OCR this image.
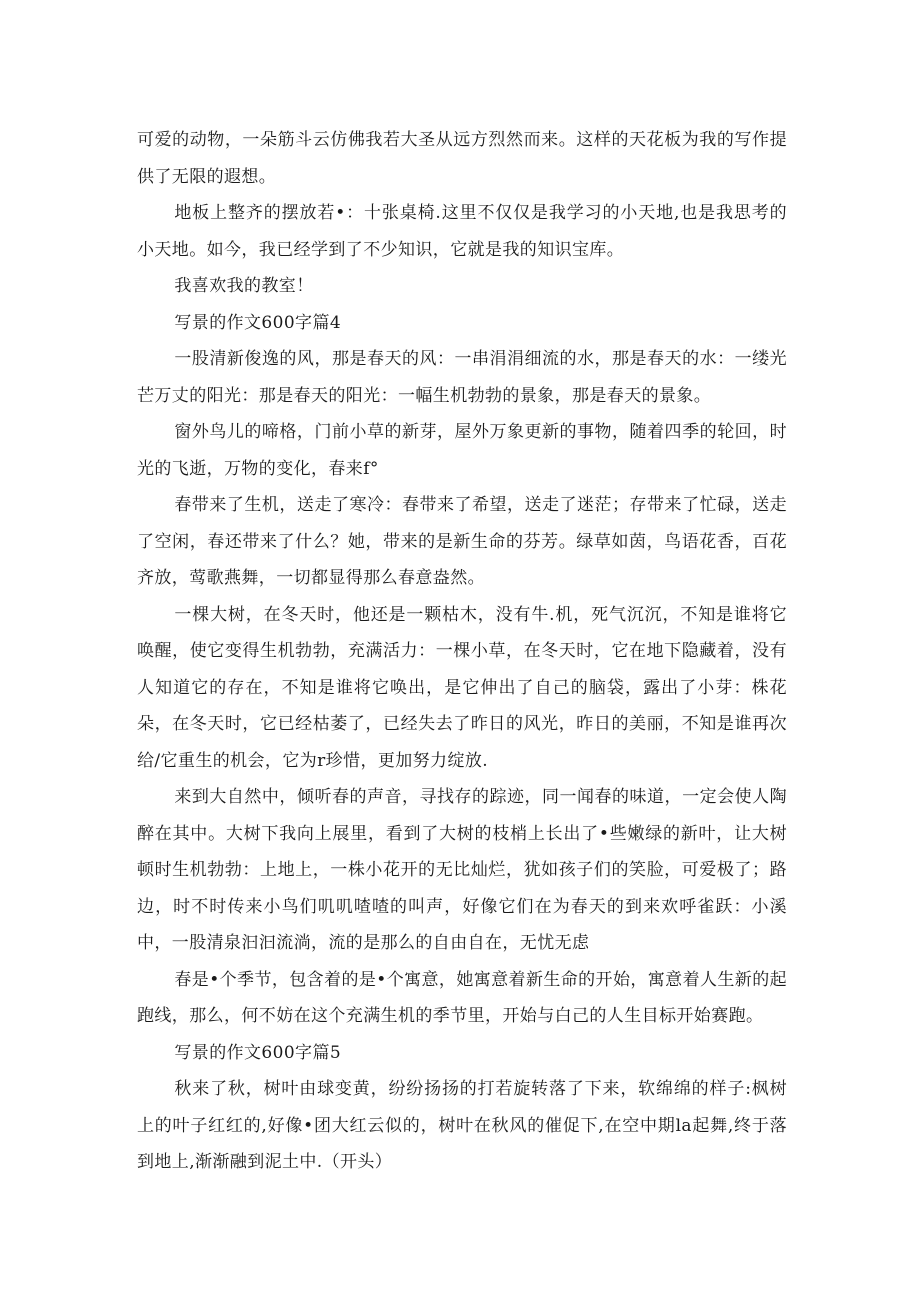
可爱的动物，一朵筋斗云仿佛我若大圣从远方烈然而来。这样的天花板为我的写作提供了无限的遐想。

地板上整齐的摆放若•：十张桌椅.这里不仅仅是我学习的小天地,也是我思考的小天地。如今，我已经学到了不少知识，它就是我的知识宝库。

我喜欢我的教室！

写景的作文600字篇4

一股清新俊逸的风，那是春天的风：一串涓涓细流的水，那是春天的水：一缕光芒万丈的阳光：那是春天的阳光：一幅生机勃勃的景象，那是春天的景象。

窗外鸟儿的啼格，门前小草的新芽，屋外万象更新的事物，随着四季的轮回，时光的飞逝，万物的变化，春来f°

春带来了生机，送走了寒冷：春带来了希望，送走了迷茫；存带来了忙碌，送走了空闲，春还带来了什么？她，带来的是新生命的芬芳。绿草如茵，鸟语花香，百花齐放，莺歌燕舞，一切都显得那么春意盎然。

一棵大树，在冬天时，他还是一颗枯木，没有牛.机，死气沉沉，不知是谁将它唤醒，使它变得生机勃勃，充满活力：一棵小草，在冬天时，它在地下隐藏着，没有人知道它的存在，不知是谁将它唤出，是它伸出了自己的脑袋，露出了小芽：株花朵，在冬天时，它已经枯萎了，已经失去了昨日的风光，昨日的美丽，不知是谁再次给/它重生的机会，它为r珍惜，更加努力绽放.

来到大自然中，倾听春的声音，寻找存的踪迹，同一闻春的味道，一定会使人陶醉在其中。大树下我向上展里，看到了大树的枝梢上长出了•些嫩绿的新叶，让大树顿时生机勃勃：上地上，一株小花开的无比灿烂，犹如孩子们的笑脸，可爱极了；路边，时不时传来小鸟们叽叽喳喳的叫声，好像它们在为春天的到来欢呼雀跃：小溪中，一股清泉汩汩流淌，流的是那么的自由自在，无忧无虑

春是•个季节，包含着的是•个寓意，她寓意着新生命的开始，寓意着人生新的起跑线，那么，何不妨在这个充满生机的季节里，开始与白己的人生目标开始赛跑。

写景的作文600字篇5

秋来了秋，树叶由球变黄，纷纷扬扬的打若旋转落了下来，软绵绵的样子:枫树上的叶子红红的,好像•团大红云似的，树叶在秋风的催促下,在空中期la起舞,终于落到地上,渐渐融到泥土中.（开头）
